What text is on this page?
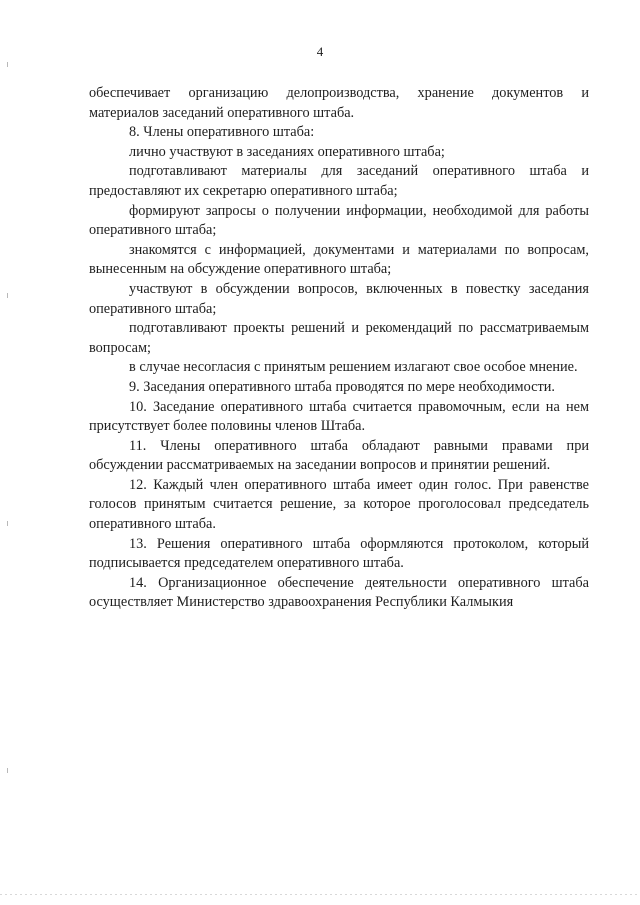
4

обеспечивает организацию делопроизводства, хранение документов и материалов заседаний оперативного штаба.

8. Члены оперативного штаба:

лично участвуют в заседаниях оперативного штаба;

подготавливают материалы для заседаний оперативного штаба и предоставляют их секретарю оперативного штаба;

формируют запросы о получении информации, необходимой для работы оперативного штаба;

знакомятся с информацией, документами и материалами по вопросам, вынесенным на обсуждение оперативного штаба;

участвуют в обсуждении вопросов, включенных в повестку заседания оперативного штаба;

подготавливают проекты решений и рекомендаций по рассматриваемым вопросам;

в случае несогласия с принятым решением излагают свое особое мнение.

9. Заседания оперативного штаба проводятся по мере необходимости.

10. Заседание оперативного штаба считается правомочным, если на нем присутствует более половины членов Штаба.

11. Члены оперативного штаба обладают равными правами при обсуждении рассматриваемых на заседании вопросов и принятии решений.

12. Каждый член оперативного штаба имеет один голос. При равенстве голосов принятым считается решение, за которое проголосовал председатель оперативного штаба.

13. Решения оперативного штаба оформляются протоколом, который подписывается председателем оперативного штаба.

14. Организационное обеспечение деятельности оперативного штаба осуществляет Министерство здравоохранения Республики Калмыкия
